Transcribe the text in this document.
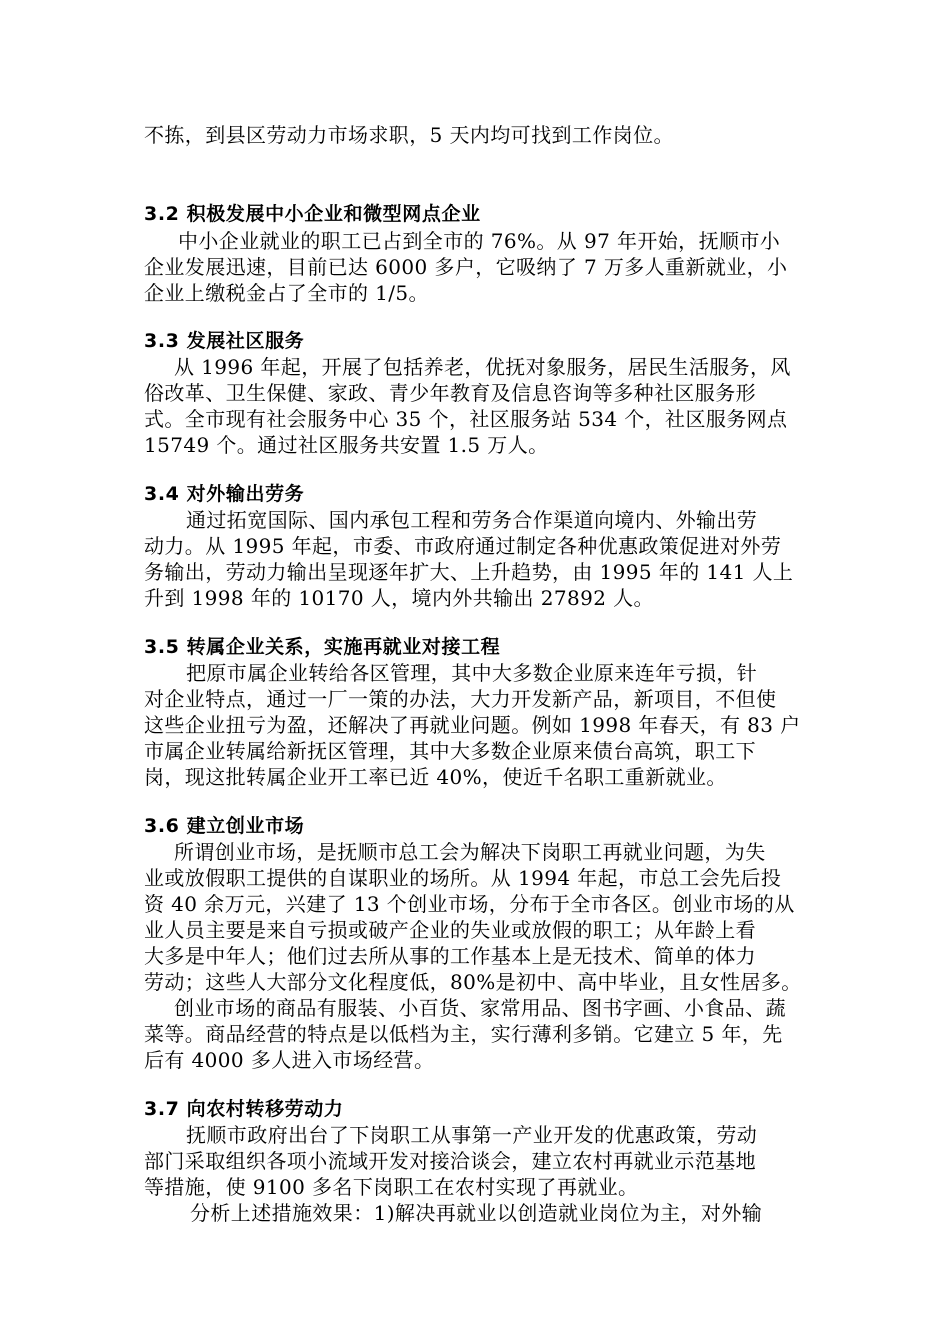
不拣，到县区劳动力市场求职，5 天内均可找到工作岗位。
3.2 积极发展中小企业和微型网点企业
中小企业就业的职工已占到全市的 76%。从 97 年开始，抚顺市小
企业发展迅速，目前已达 6000 多户，它吸纳了 7 万多人重新就业，小
企业上缴税金占了全市的 1/5。
3.3 发展社区服务
从 1996 年起，开展了包括养老，优抚对象服务，居民生活服务，风
俗改革、卫生保健、家政、青少年教育及信息咨询等多种社区服务形
式。全市现有社会服务中心 35 个，社区服务站 534 个，社区服务网点
15749 个。通过社区服务共安置 1.5 万人。
3.4 对外输出劳务
通过拓宽国际、国内承包工程和劳务合作渠道向境内、外输出劳
动力。从 1995 年起，市委、市政府通过制定各种优惠政策促进对外劳
务输出，劳动力输出呈现逐年扩大、上升趋势，由 1995 年的 141 人上
升到 1998 年的 10170 人，境内外共输出 27892 人。
3.5 转属企业关系，实施再就业对接工程
把原市属企业转给各区管理，其中大多数企业原来连年亏损，针
对企业特点，通过一厂一策的办法，大力开发新产品，新项目，不但使
这些企业扭亏为盈，还解决了再就业问题。例如 1998 年春天，有 83 户
市属企业转属给新抚区管理，其中大多数企业原来债台高筑，职工下
岗，现这批转属企业开工率已近 40%，使近千名职工重新就业。
3.6 建立创业市场
所谓创业市场，是抚顺市总工会为解决下岗职工再就业问题，为失
业或放假职工提供的自谋职业的场所。从 1994 年起，市总工会先后投
资 40 余万元，兴建了 13 个创业市场，分布于全市各区。创业市场的从
业人员主要是来自亏损或破产企业的失业或放假的职工；从年龄上看
大多是中年人；他们过去所从事的工作基本上是无技术、简单的体力
劳动；这些人大部分文化程度低，80%是初中、高中毕业，且女性居多。
创业市场的商品有服装、小百货、家常用品、图书字画、小食品、蔬
菜等。商品经营的特点是以低档为主，实行薄利多销。它建立 5 年，先
后有 4000 多人进入市场经营。
3.7 向农村转移劳动力
抚顺市政府出台了下岗职工从事第一产业开发的优惠政策，劳动
部门采取组织各项小流域开发对接洽谈会，建立农村再就业示范基地
等措施，使 9100 多名下岗职工在农村实现了再就业。
分析上述措施效果：1)解决再就业以创造就业岗位为主，对外输
